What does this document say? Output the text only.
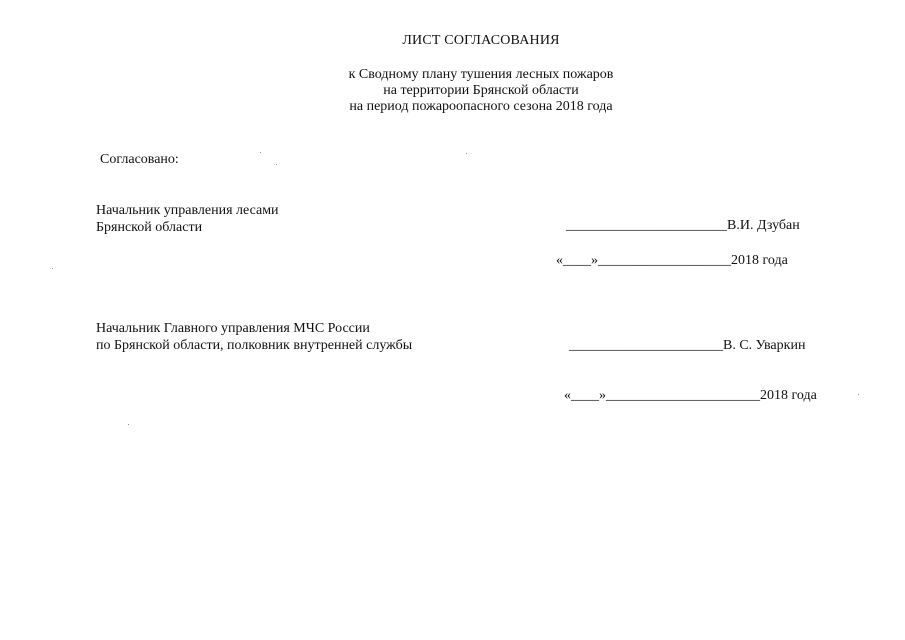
ЛИСТ СОГЛАСОВАНИЯ
к Сводному плану тушения лесных пожаров
на территории Брянской области
на период пожароопасного сезона 2018 года
Согласовано:
Начальник управления лесами
Брянской области	_______________________В.И. Дзубан
«____»___________________2018 года
Начальник Главного управления МЧС России
по Брянской области, полковник внутренней службы	______________________В. С. Уваркин
«____»______________________2018 года
